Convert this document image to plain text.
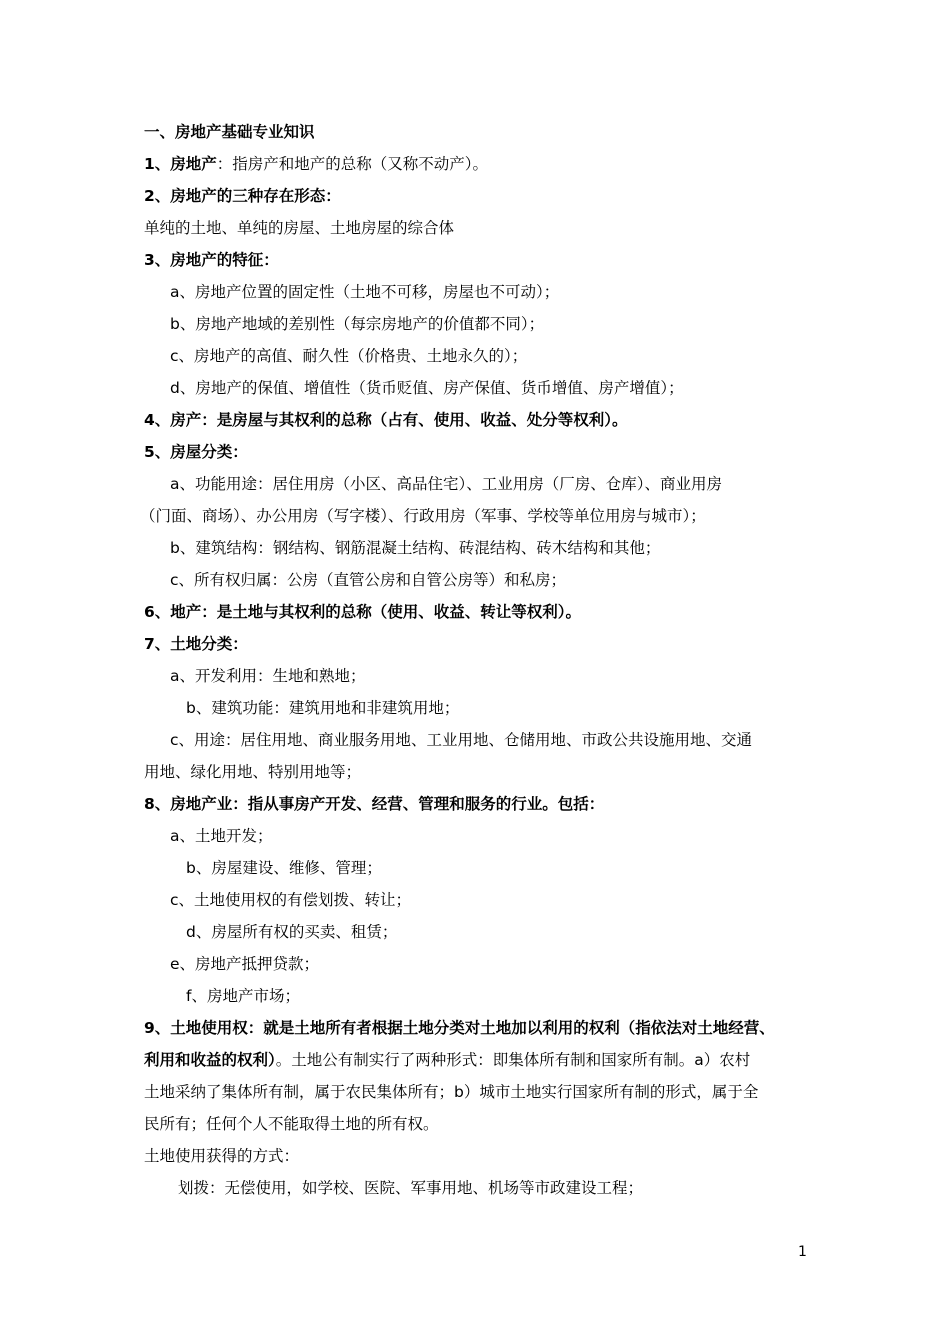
一、房地产基础专业知识
1、房地产：指房产和地产的总称（又称不动产）。
2、房地产的三种存在形态：
单纯的土地、单纯的房屋、土地房屋的综合体
3、房地产的特征：
a、房地产位置的固定性（土地不可移，房屋也不可动）；
b、房地产地域的差别性（每宗房地产的价值都不同）；
c、房地产的高值、耐久性（价格贵、土地永久的）；
d、房地产的保值、增值性（货币贬值、房产保值、货币增值、房产增值）；
4、房产：是房屋与其权利的总称（占有、使用、收益、处分等权利）。
5、房屋分类：
a、功能用途：居住用房（小区、高品住宅）、工业用房（厂房、仓库）、商业用房
（门面、商场）、办公用房（写字楼）、行政用房（军事、学校等单位用房与城市）；
b、建筑结构：钢结构、钢筋混凝土结构、砖混结构、砖木结构和其他；
c、所有权归属：公房（直管公房和自管公房等）和私房；
6、地产：是土地与其权利的总称（使用、收益、转让等权利）。
7、土地分类：
a、开发利用：生地和熟地；
b、建筑功能：建筑用地和非建筑用地；
c、用途：居住用地、商业服务用地、工业用地、仓储用地、市政公共设施用地、交通
用地、绿化用地、特别用地等；
8、房地产业：指从事房产开发、经营、管理和服务的行业。包括：
a、土地开发；
b、房屋建设、维修、管理；
c、土地使用权的有偿划拨、转让；
d、房屋所有权的买卖、租赁；
e、房地产抵押贷款；
f、房地产市场；
9、土地使用权：就是土地所有者根据土地分类对土地加以利用的权利（指依法对土地经营、
利用和收益的权利）。土地公有制实行了两种形式：即集体所有制和国家所有制。a）农村
土地采纳了集体所有制，属于农民集体所有；b）城市土地实行国家所有制的形式，属于全
民所有；任何个人不能取得土地的所有权。
土地使用获得的方式：
划拨：无偿使用，如学校、医院、军事用地、机场等市政建设工程；
1
